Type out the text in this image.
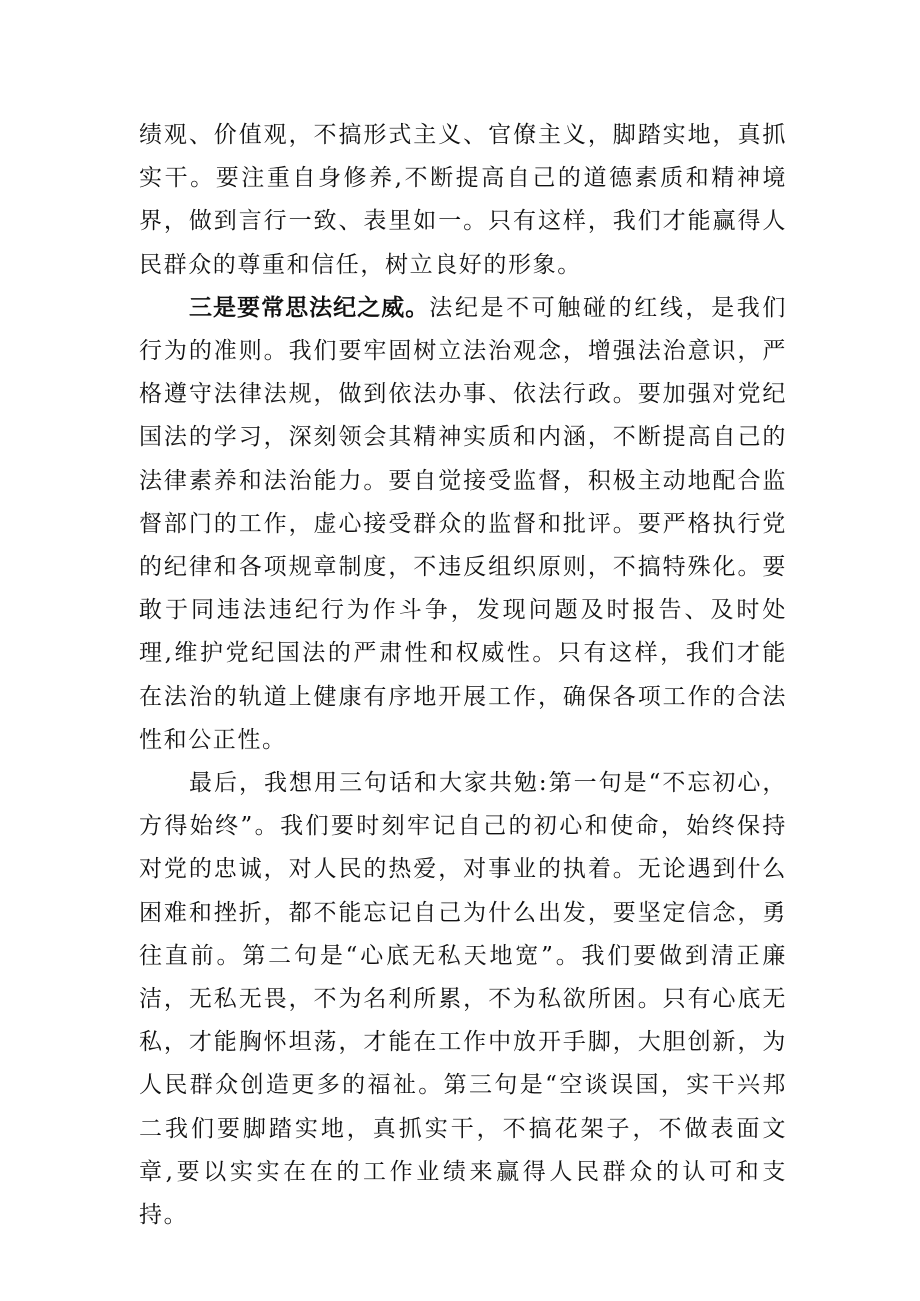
绩观、价值观，不搞形式主义、官僚主义，脚踏实地，真抓实干。要注重自身修养,不断提高自己的道德素质和精神境界，做到言行一致、表里如一。只有这样，我们才能赢得人民群众的尊重和信任，树立良好的形象。

三是要常思法纪之威。法纪是不可触碰的红线，是我们行为的准则。我们要牢固树立法治观念，增强法治意识，严格遵守法律法规，做到依法办事、依法行政。要加强对党纪国法的学习，深刻领会其精神实质和内涵，不断提高自己的法律素养和法治能力。要自觉接受监督，积极主动地配合监督部门的工作，虚心接受群众的监督和批评。要严格执行党的纪律和各项规章制度，不违反组织原则，不搞特殊化。要敢于同违法违纪行为作斗争，发现问题及时报告、及时处理,维护党纪国法的严肃性和权威性。只有这样，我们才能在法治的轨道上健康有序地开展工作，确保各项工作的合法性和公正性。

最后，我想用三句话和大家共勉:第一句是“不忘初心，方得始终”。我们要时刻牢记自己的初心和使命，始终保持对党的忠诚，对人民的热爱，对事业的执着。无论遇到什么困难和挫折，都不能忘记自己为什么出发，要坚定信念，勇往直前。第二句是“心底无私天地宽”。我们要做到清正廉洁，无私无畏，不为名利所累，不为私欲所困。只有心底无私，才能胸怀坦荡，才能在工作中放开手脚，大胆创新，为人民群众创造更多的福祉。第三句是“空谈误国，实干兴邦二我们要脚踏实地，真抓实干，不搞花架子，不做表面文章,要以实实在在的工作业绩来赢得人民群众的认可和支持。
